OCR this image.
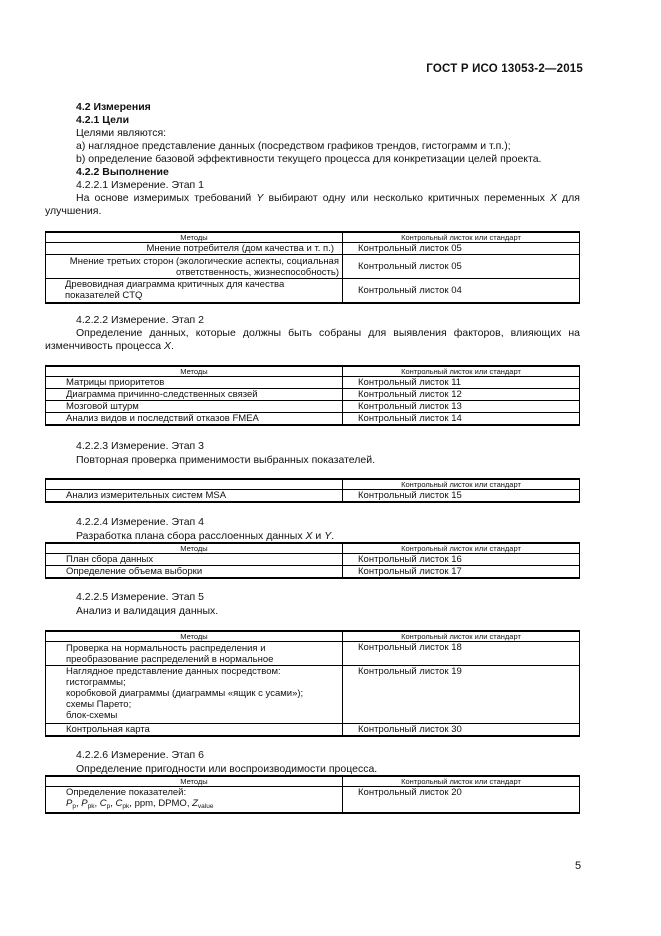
ГОСТ Р ИСО 13053-2—2015
4.2 Измерения
4.2.1 Цели
Целями являются:
a) наглядное представление данных (посредством графиков трендов, гистограмм и т.п.);
b) определение базовой эффективности текущего процесса для конкретизации целей проекта.
4.2.2 Выполнение
4.2.2.1 Измерение. Этап 1
На основе измеримых требований Y выбирают одну или несколько критичных переменных X для улучшения.
Методы	Контрольный листок или стандарт
Мнение потребителя (дом качества и т. п.)	Контрольный листок 05

Мнение третьих сторон (экологические аспекты, социальная ответственность, жизнеспособность)	Контрольный листок 05

Древовидная диаграмма критичных для качества показателей CTQ	Контрольный листок 04
4.2.2.2 Измерение. Этап 2
Определение данных, которые должны быть собраны для выявления факторов, влияющих на изменчивость процесса X.
Методы	Контрольный листок или стандарт
Матрицы приоритетов	Контрольный листок 11
Диаграмма причинно-следственных связей	Контрольный листок 12
Мозговой штурм	Контрольный листок 13
Анализ видов и последствий отказов FMEA	Контрольный листок 14
4.2.2.3 Измерение. Этап 3
Повторная проверка применимости выбранных показателей.
	Контрольный листок или стандарт
Анализ измерительных систем MSA	Контрольный листок 15
4.2.2.4 Измерение. Этап 4
Разработка плана сбора расслоенных данных X и Y.
Методы	Контрольный листок или стандарт
План сбора данных	Контрольный листок 16
Определение объема выборки	Контрольный листок 17
4.2.2.5 Измерение. Этап 5
Анализ и валидация данных.
Методы	Контрольный листок или стандарт
Проверка на нормальность распределения и преобразование распределений в нормальное	Контрольный листок 18

Наглядное представление данных посредством:
гистограммы;
коробковой диаграммы (диаграммы «ящик с усами»);
схемы Парето;
блок-схемы	Контрольный листок 19
Контрольная карта	Контрольный листок 30
4.2.2.6 Измерение. Этап 6
Определение пригодности или воспроизводимости процесса.
Методы	Контрольный листок или стандарт

Определение показателей:
$P_p$, $P_{pk}$, $C_p$, $C_{pk}$, ppm, DPMO, $Z_{value}$	Контрольный листок 20
5
